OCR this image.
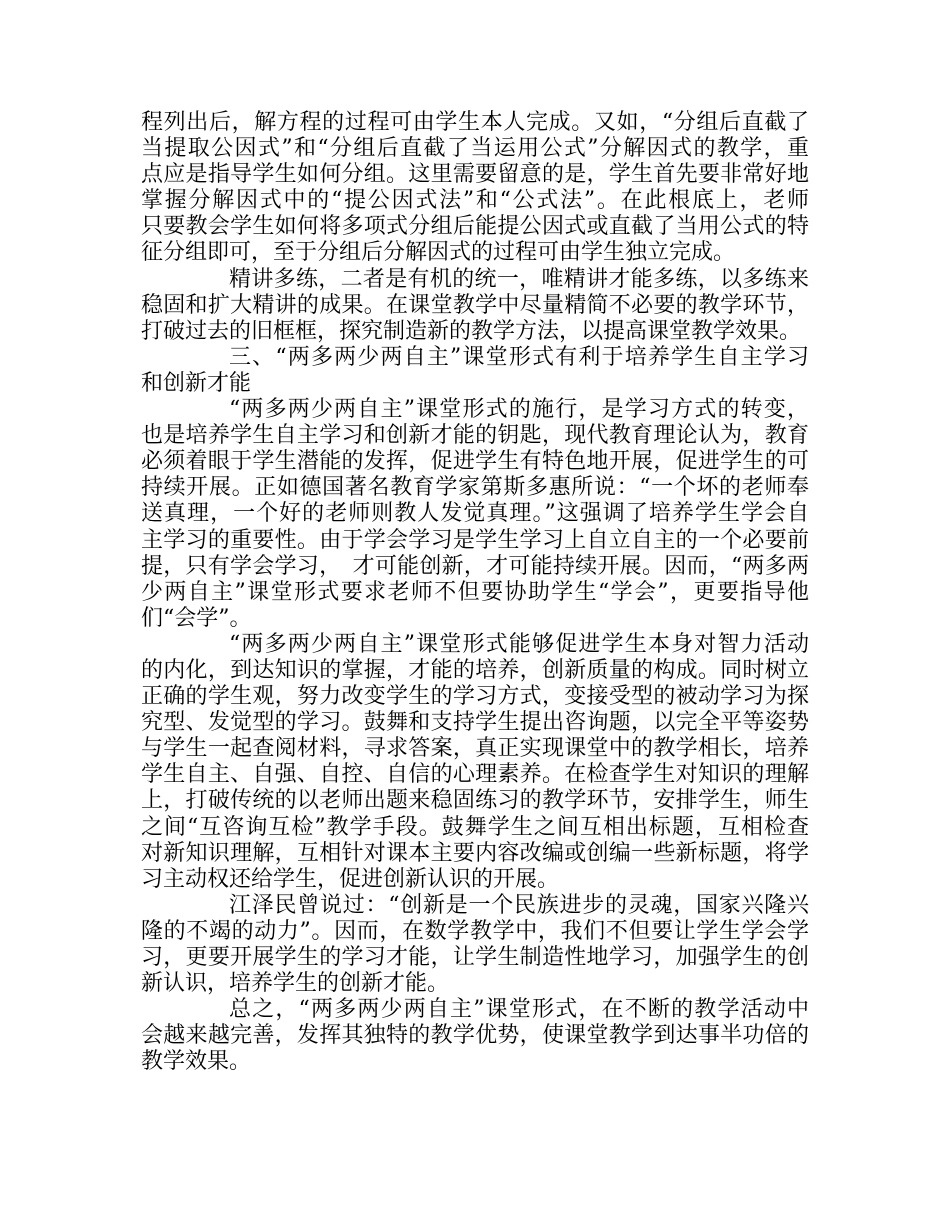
程列出后，解方程的过程可由学生本人完成。又如，“分组后直截了
当提取公因式”和“分组后直截了当运用公式”分解因式的教学，重
点应是指导学生如何分组。这里需要留意的是，学生首先要非常好地
掌握分解因式中的“提公因式法”和“公式法”。在此根底上，老师
只要教会学生如何将多项式分组后能提公因式或直截了当用公式的特
征分组即可，至于分组后分解因式的过程可由学生独立完成。
精讲多练，二者是有机的统一，唯精讲才能多练，以多练来
稳固和扩大精讲的成果。在课堂教学中尽量精简不必要的教学环节，
打破过去的旧框框，探究制造新的教学方法，以提高课堂教学效果。
三、“两多两少两自主”课堂形式有利于培养学生自主学习
和创新才能
“两多两少两自主”课堂形式的施行，是学习方式的转变，
也是培养学生自主学习和创新才能的钥匙，现代教育理论认为，教育
必须着眼于学生潜能的发挥，促进学生有特色地开展，促进学生的可
持续开展。正如德国著名教育学家第斯多惠所说：“一个坏的老师奉
送真理，一个好的老师则教人发觉真理。”这强调了培养学生学会自
主学习的重要性。由于学会学习是学生学习上自立自主的一个必要前
提，只有学会学习，　才可能创新，才可能持续开展。因而，“两多两
少两自主”课堂形式要求老师不但要协助学生“学会”，更要指导他
们“会学”。
“两多两少两自主”课堂形式能够促进学生本身对智力活动
的内化，到达知识的掌握，才能的培养，创新质量的构成。同时树立
正确的学生观，努力改变学生的学习方式，变接受型的被动学习为探
究型、发觉型的学习。鼓舞和支持学生提出咨询题，以完全平等姿势
与学生一起查阅材料，寻求答案，真正实现课堂中的教学相长，培养
学生自主、自强、自控、自信的心理素养。在检查学生对知识的理解
上，打破传统的以老师出题来稳固练习的教学环节，安排学生，师生
之间“互咨询互检”教学手段。鼓舞学生之间互相出标题，互相检查
对新知识理解，互相针对课本主要内容改编或创编一些新标题，将学
习主动权还给学生，促进创新认识的开展。
江泽民曾说过：“创新是一个民族进步的灵魂，国家兴隆兴
隆的不竭的动力”。因而，在数学教学中，我们不但要让学生学会学
习，更要开展学生的学习才能，让学生制造性地学习，加强学生的创
新认识，培养学生的创新才能。
总之，“两多两少两自主”课堂形式，在不断的教学活动中
会越来越完善，发挥其独特的教学优势，使课堂教学到达事半功倍的
教学效果。
